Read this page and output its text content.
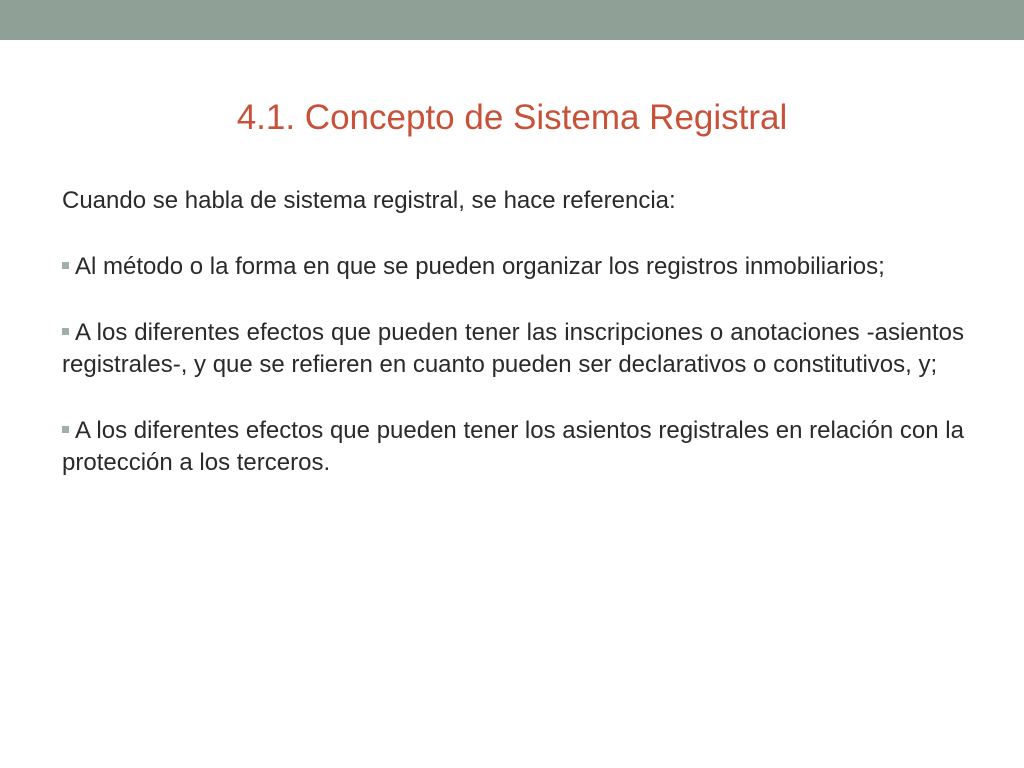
4.1. Concepto de Sistema Registral

Cuando se habla de sistema registral, se hace referencia:

Al método o la forma en que se pueden organizar los registros inmobiliarios;

A los diferentes efectos que pueden tener las inscripciones o anotaciones -asientos registrales-, y que se refieren en cuanto pueden ser declarativos o constitutivos, y;

A los diferentes efectos que pueden tener los asientos registrales en relación con la protección a los terceros.
